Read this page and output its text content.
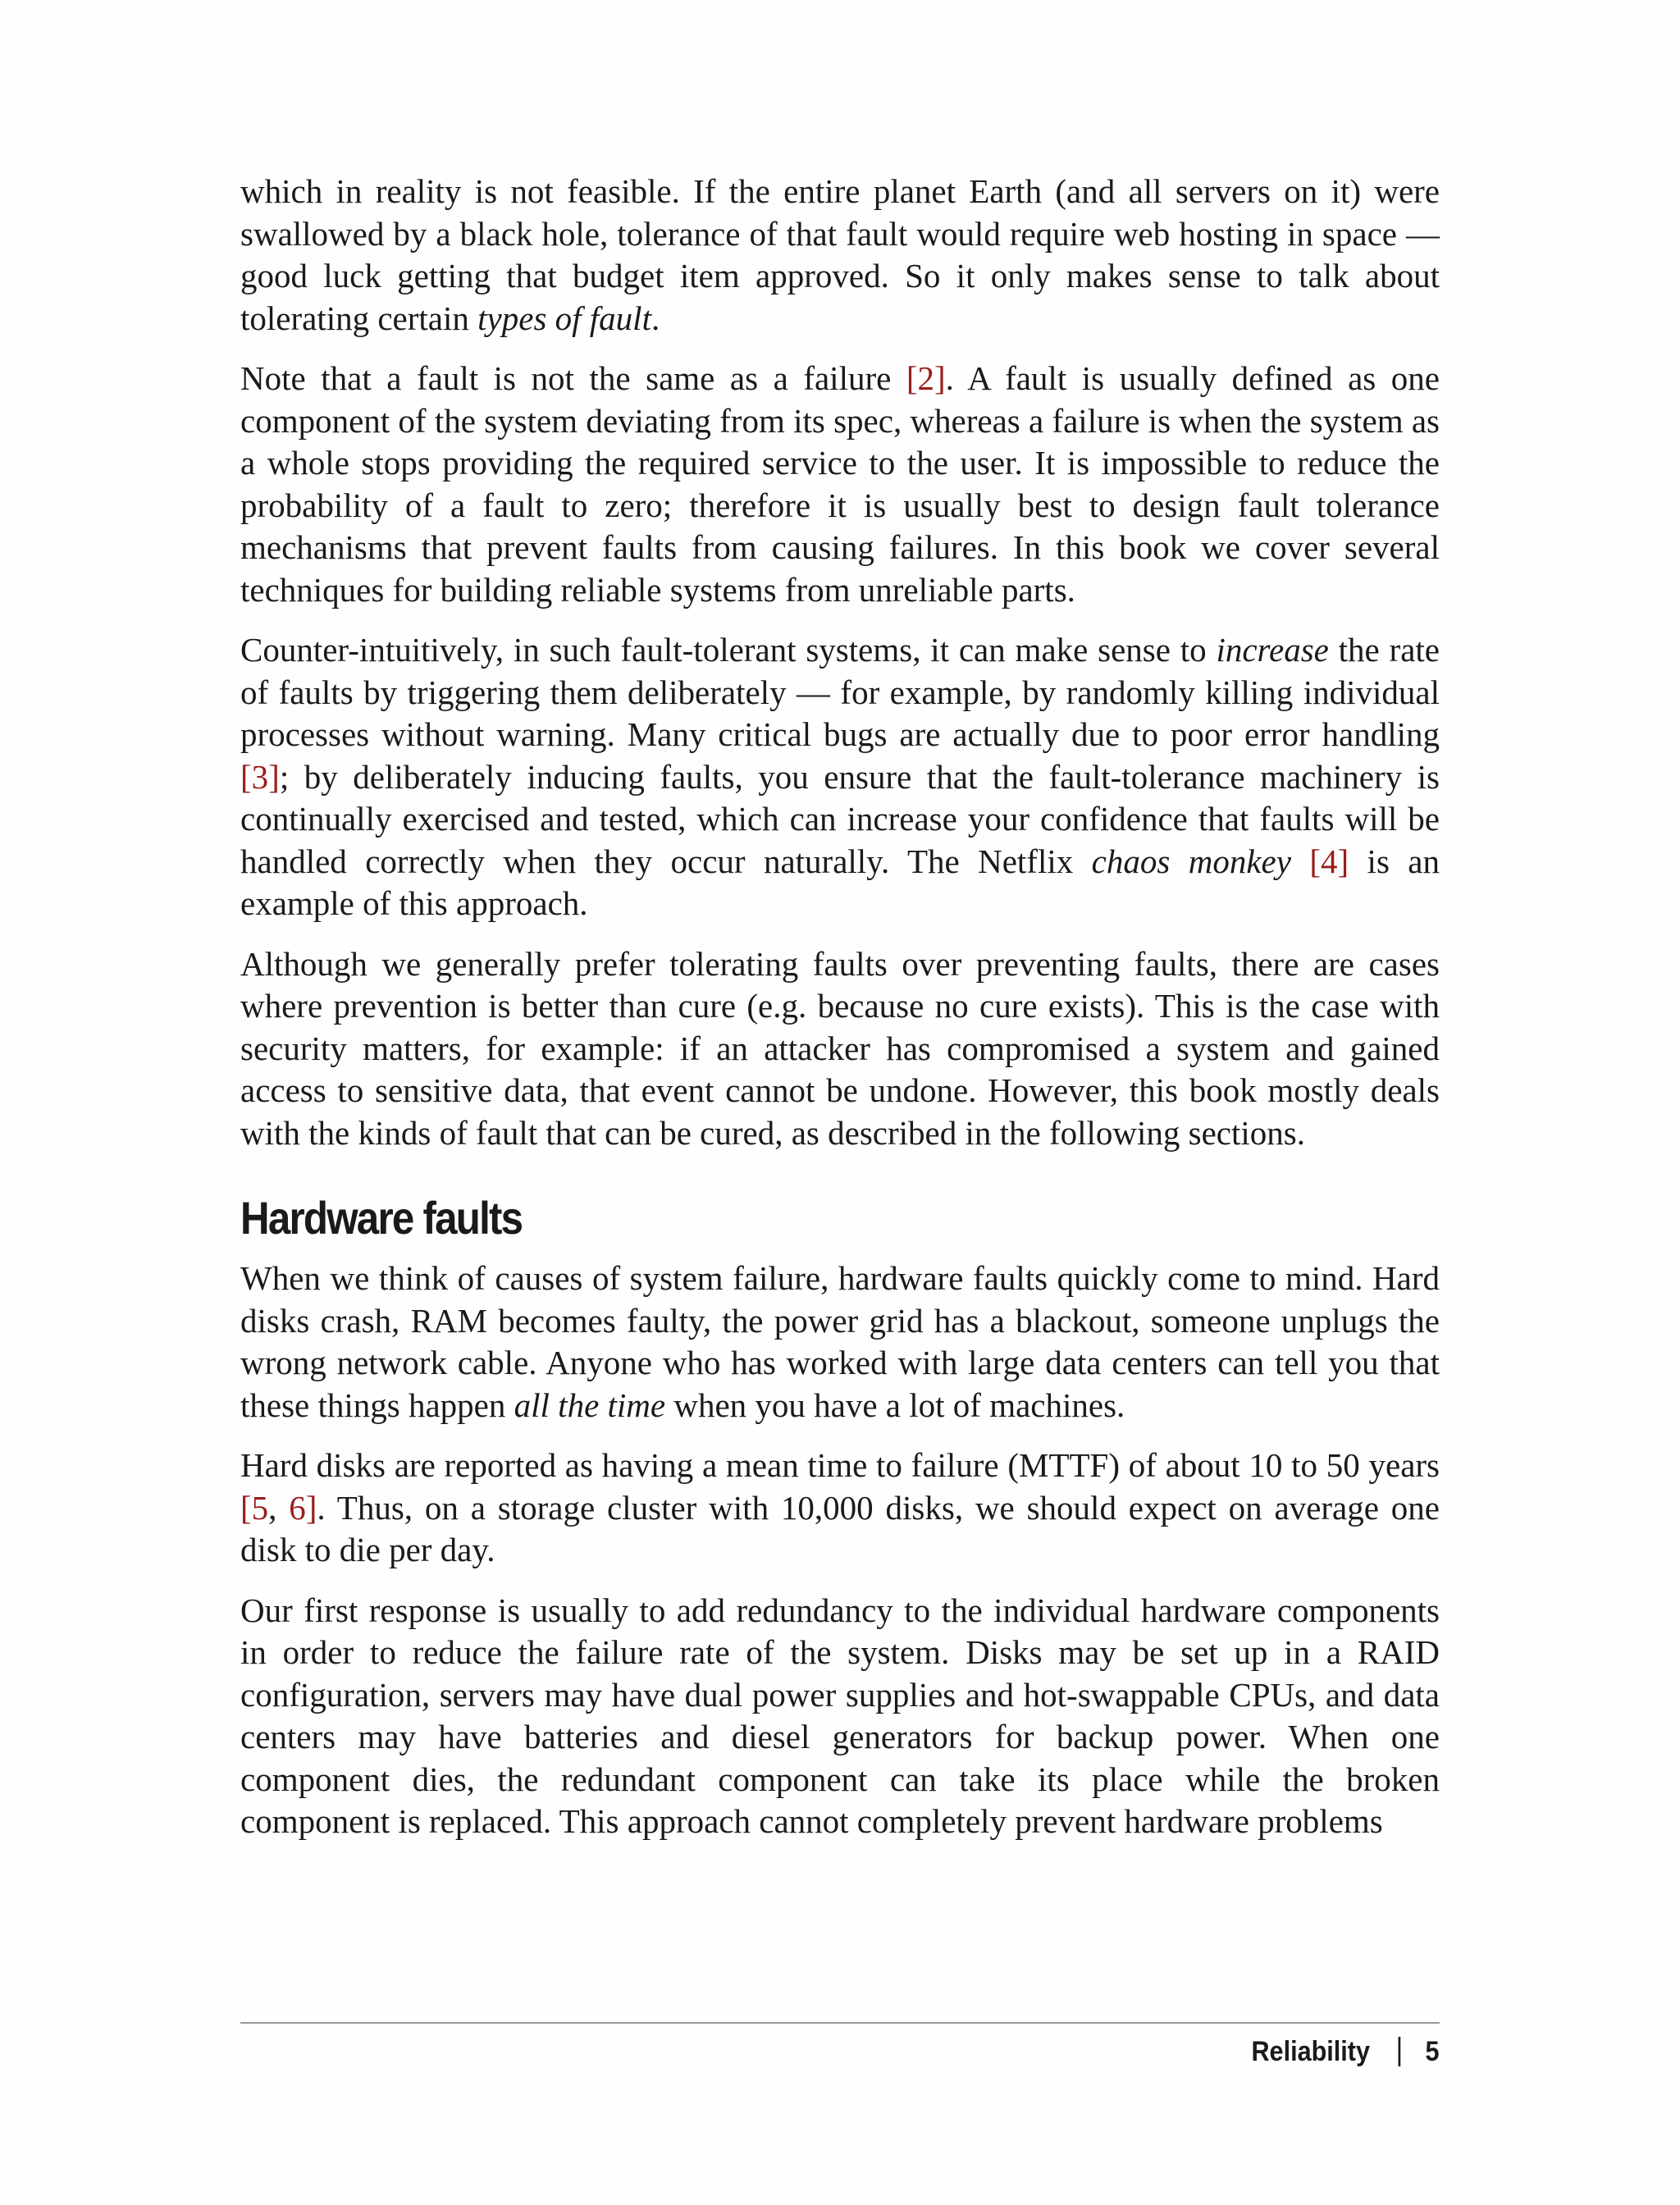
which in reality is not feasible. If the entire planet Earth (and all servers on it) were swallowed by a black hole, tolerance of that fault would require web hosting in space — good luck getting that budget item approved. So it only makes sense to talk about tolerating certain types of fault.

Note that a fault is not the same as a failure [2]. A fault is usually defined as one component of the system deviating from its spec, whereas a failure is when the system as a whole stops providing the required service to the user. It is impossible to reduce the probability of a fault to zero; therefore it is usually best to design fault tolerance mechanisms that prevent faults from causing failures. In this book we cover several techniques for building reliable systems from unreliable parts.

Counter-intuitively, in such fault-tolerant systems, it can make sense to increase the rate of faults by triggering them deliberately — for example, by randomly killing individual processes without warning. Many critical bugs are actually due to poor error handling [3]; by deliberately inducing faults, you ensure that the fault-tolerance machinery is continually exercised and tested, which can increase your confidence that faults will be handled correctly when they occur naturally. The Netflix chaos monkey [4] is an example of this approach.

Although we generally prefer tolerating faults over preventing faults, there are cases where prevention is better than cure (e.g. because no cure exists). This is the case with security matters, for example: if an attacker has compromised a system and gained access to sensitive data, that event cannot be undone. However, this book mostly deals with the kinds of fault that can be cured, as described in the following sections.

Hardware faults

When we think of causes of system failure, hardware faults quickly come to mind. Hard disks crash, RAM becomes faulty, the power grid has a blackout, someone unplugs the wrong network cable. Anyone who has worked with large data centers can tell you that these things happen all the time when you have a lot of machines.

Hard disks are reported as having a mean time to failure (MTTF) of about 10 to 50 years [5, 6]. Thus, on a storage cluster with 10,000 disks, we should expect on average one disk to die per day.

Our first response is usually to add redundancy to the individual hardware components in order to reduce the failure rate of the system. Disks may be set up in a RAID configuration, servers may have dual power supplies and hot-swappable CPUs, and data centers may have batteries and diesel generators for backup power. When one component dies, the redundant component can take its place while the broken component is replaced. This approach cannot completely prevent hardware problems

Reliability 5
